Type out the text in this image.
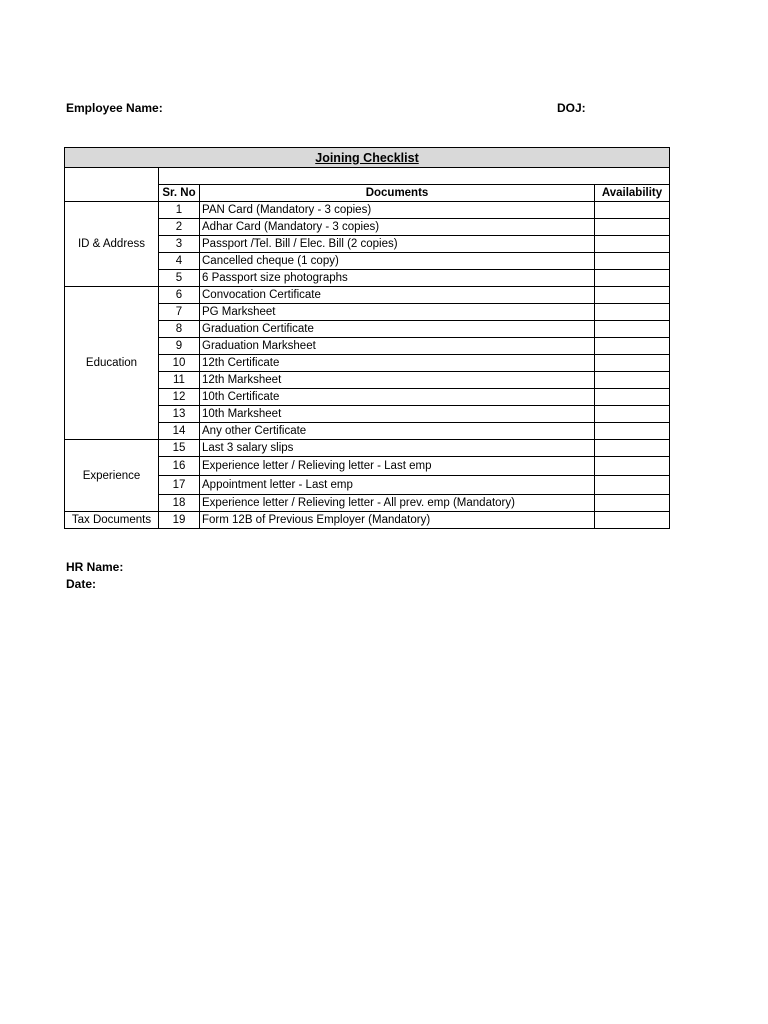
Employee Name:	DOJ:
Joining Checklist			

	Sr. No	Documents	Availability
ID & Address	1	PAN Card (Mandatory - 3 copies)	
	2	Adhar Card (Mandatory - 3 copies)	
	3	Passport /Tel. Bill / Elec. Bill (2 copies)	
	4	Cancelled cheque (1 copy)	
	5	6 Passport size photographs	
Education	6	Convocation Certificate	
	7	PG Marksheet	
	8	Graduation Certificate	
	9	Graduation Marksheet	
	10	12th Certificate	
	11	12th Marksheet	
	12	10th Certificate	
	13	10th Marksheet	
	14	Any other Certificate	
Experience	15	Last 3 salary slips	
	16	Experience letter / Relieving letter - Last emp	
	17	Appointment letter - Last emp	
	18	Experience letter / Relieving letter - All prev. emp (Mandatory)	
Tax Documents	19	Form 12B of Previous Employer (Mandatory)	
HR Name:
Date:
